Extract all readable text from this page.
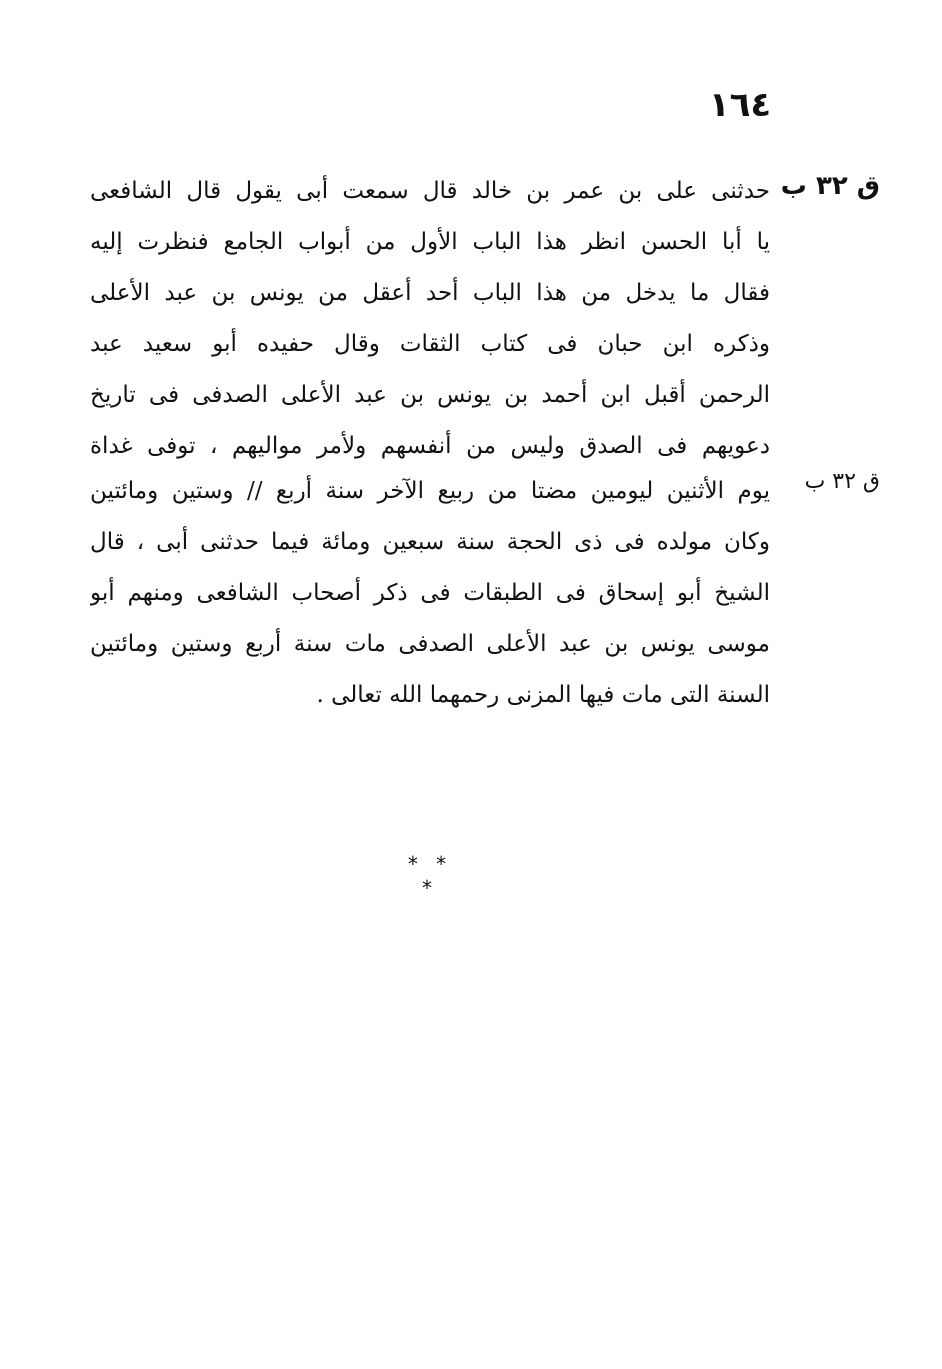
١٦٤
ق ٣٢ ب
حدثنى على بن عمر بن خالد قال سمعت أبى يقول قال الشافعى
يا أبا الحسن انظر هذا الباب الأول من أبواب الجامع فنظرت إليه
فقال ما يدخل من هذا الباب أحد أعقل من يونس بن عبد الأعلى
وذكره ابن حبان فى كتاب الثقات وقال حفيده أبو سعيد عبد
الرحمن أقبل ابن أحمد بن يونس بن عبد الأعلى الصدفى فى تاريخ
دعويهم فى الصدق وليس من أنفسهم ولأمر مواليهم ، توفى غداة
ق ٣٢ ب
يوم الأثنين ليومين مضتا من ربيع الآخر سنة أربع // وستين ومائتين
وكان مولده فى ذى الحجة سنة سبعين ومائة فيما حدثنى أبى ، قال
الشيخ أبو إسحاق فى الطبقات فى ذكر أصحاب الشافعى ومنهم أبو
موسى يونس بن عبد الأعلى الصدفى مات سنة أربع وستين ومائتين
السنة التى مات فيها المزنى رحمهما الله تعالى .
* * *
